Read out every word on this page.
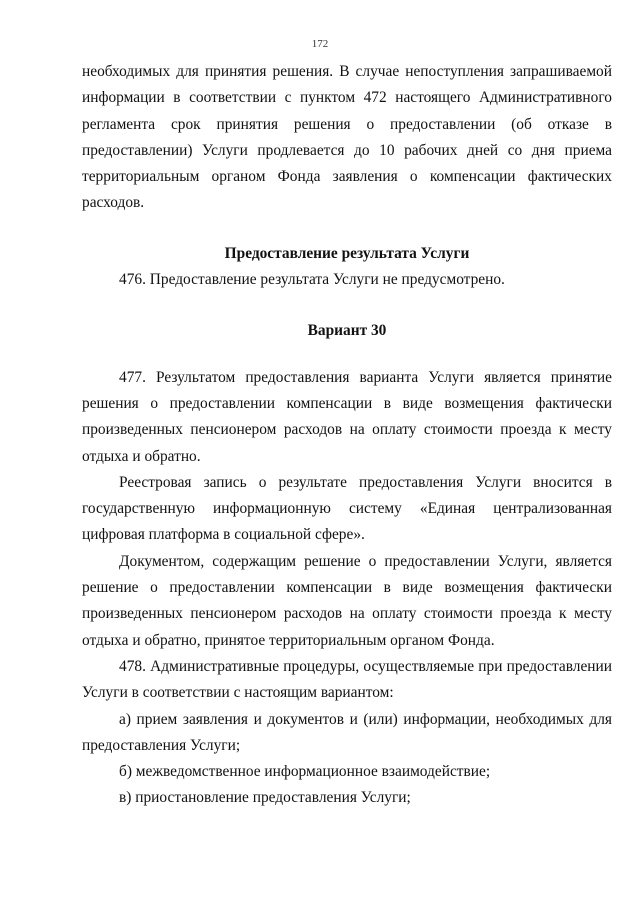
172

необходимых для принятия решения. В случае непоступления запрашиваемой информации в соответствии с пунктом 472 настоящего Административного регламента срок принятия решения о предоставлении (об отказе в предоставлении) Услуги продлевается до 10 рабочих дней со дня приема территориальным органом Фонда заявления о компенсации фактических расходов.

Предоставление результата Услуги

476. Предоставление результата Услуги не предусмотрено.

Вариант 30

477. Результатом предоставления варианта Услуги является принятие решения о предоставлении компенсации в виде возмещения фактически произведенных пенсионером расходов на оплату стоимости проезда к месту отдыха и обратно.

Реестровая запись о результате предоставления Услуги вносится в государственную информационную систему «Единая централизованная цифровая платформа в социальной сфере».

Документом, содержащим решение о предоставлении Услуги, является решение о предоставлении компенсации в виде возмещения фактически произведенных пенсионером расходов на оплату стоимости проезда к месту отдыха и обратно, принятое территориальным органом Фонда.

478. Административные процедуры, осуществляемые при предоставлении Услуги в соответствии с настоящим вариантом:

а) прием заявления и документов и (или) информации, необходимых для предоставления Услуги;

б) межведомственное информационное взаимодействие;

в) приостановление предоставления Услуги;
